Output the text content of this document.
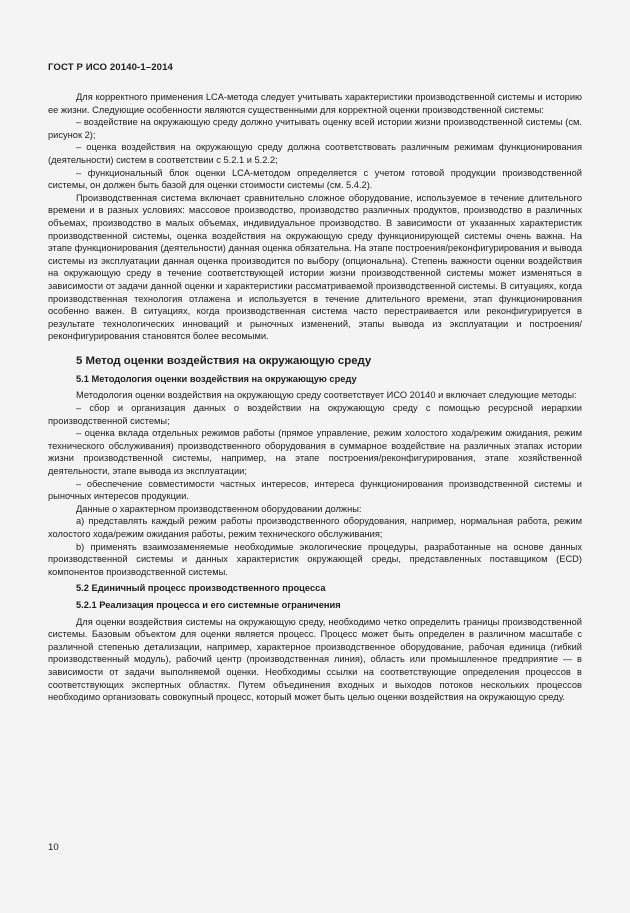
ГОСТ Р ИСО 20140-1–2014

Для корректного применения LCA-метода следует учитывать характеристики производственной системы и историю ее жизни. Следующие особенности являются существенными для корректной оценки производственной системы:

– воздействие на окружающую среду должно учитывать оценку всей истории жизни производственной системы (см. рисунок 2);

– оценка воздействия на окружающую среду должна соответствовать различным режимам функционирования (деятельности) систем в соответствии с 5.2.1 и 5.2.2;

– функциональный блок оценки LCA-методом определяется с учетом готовой продукции производственной системы, он должен быть базой для оценки стоимости системы (см. 5.4.2).

Производственная система включает сравнительно сложное оборудование, используемое в течение длительного времени и в разных условиях: массовое производство, производство различных продуктов, производство в различных объемах, производство в малых объемах, индивидуальное производство. В зависимости от указанных характеристик производственной системы, оценка воздействия на окружающую среду функционирующей системы очень важна. На этапе функционирования (деятельности) данная оценка обязательна. На этапе построения/реконфигурирования и вывода системы из эксплуатации данная оценка производится по выбору (опциональна). Степень важности оценки воздействия на окружающую среду в течение соответствующей истории жизни производственной системы может изменяться в зависимости от задачи данной оценки и характеристики рассматриваемой производственной системы. В ситуациях, когда производственная технология отлажена и используется в течение длительного времени, этап функционирования особенно важен. В ситуациях, когда производственная система часто перестраивается или реконфигурируется в результате технологических инноваций и рыночных изменений, этапы вывода из эксплуатации и построения/реконфигурирования становятся более весомыми.

5 Метод оценки воздействия на окружающую среду
5.1 Методология оценки воздействия на окружающую среду

Методология оценки воздействия на окружающую среду соответствует ИСО 20140 и включает следующие методы:

– сбор и организация данных о воздействии на окружающую среду с помощью ресурсной иерархии производственной системы;

– оценка вклада отдельных режимов работы (прямое управление, режим холостого хода/режим ожидания, режим технического обслуживания) производственного оборудования в суммарное воздействие на различных этапах истории жизни производственной системы, например, на этапе построения/реконфигурирования, этапе хозяйственной деятельности, этапе вывода из эксплуатации;

– обеспечение совместимости частных интересов, интереса функционирования производственной системы и рыночных интересов продукции.

Данные о характерном производственном оборудовании должны:

а) представлять каждый режим работы производственного оборудования, например, нормальная работа, режим холостого хода/режим ожидания работы, режим технического обслуживания;

b) применять взаимозаменяемые необходимые экологические процедуры, разработанные на основе данных производственной системы и данных характеристик окружающей среды, представленных поставщиком (ECD) компонентов производственной системы.

5.2 Единичный процесс производственного процесса
5.2.1 Реализация процесса и его системные ограничения

Для оценки воздействия системы на окружающую среду, необходимо четко определить границы производственной системы. Базовым объектом для оценки является процесс. Процесс может быть определен в различном масштабе с различной степенью детализации, например, характерное производственное оборудование, рабочая единица (гибкий производственный модуль), рабочий центр (производственная линия), область или промышленное предприятие — в зависимости от задачи выполняемой оценки. Необходимы ссылки на соответствующие определения процессов в соответствующих экспертных областях. Путем объединения входных и выходов потоков нескольких процессов необходимо организовать совокупный процесс, который может быть целью оценки воздействия на окружающую среду.

10
